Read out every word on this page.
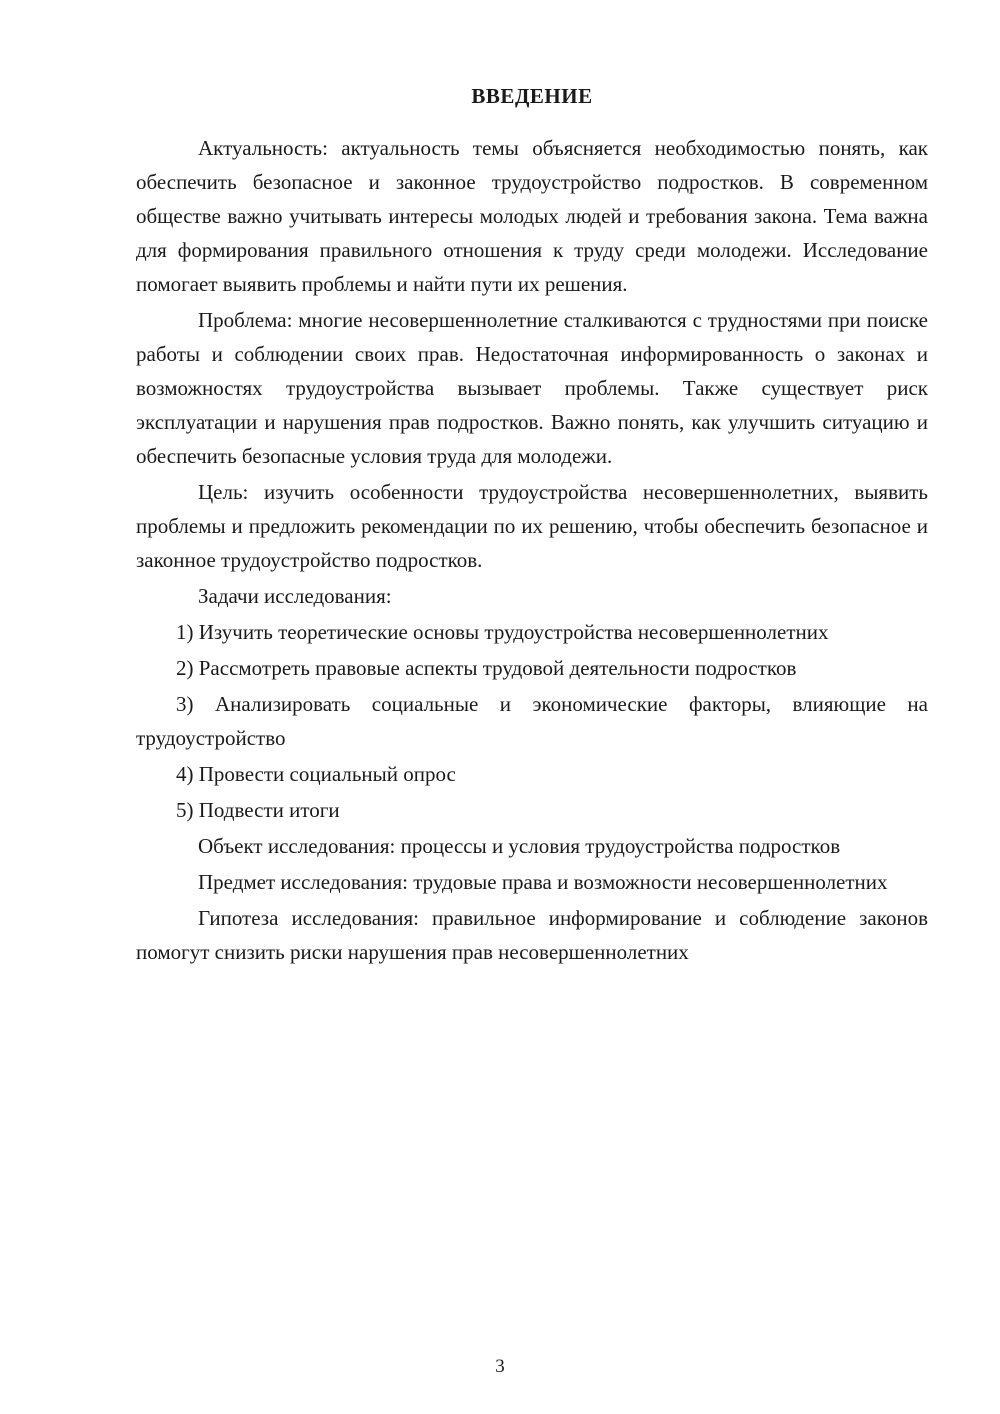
ВВЕДЕНИЕ

Актуальность: актуальность темы объясняется необходимостью понять, как обеспечить безопасное и законное трудоустройство подростков. В современном обществе важно учитывать интересы молодых людей и требования закона. Тема важна для формирования правильного отношения к труду среди молодежи. Исследование помогает выявить проблемы и найти пути их решения.

Проблема: многие несовершеннолетние сталкиваются с трудностями при поиске работы и соблюдении своих прав. Недостаточная информированность о законах и возможностях трудоустройства вызывает проблемы. Также существует риск эксплуатации и нарушения прав подростков. Важно понять, как улучшить ситуацию и обеспечить безопасные условия труда для молодежи.

Цель: изучить особенности трудоустройства несовершеннолетних, выявить проблемы и предложить рекомендации по их решению, чтобы обеспечить безопасное и законное трудоустройство подростков.

Задачи исследования:

1) Изучить теоретические основы трудоустройства несовершеннолетних

2) Рассмотреть правовые аспекты трудовой деятельности подростков

3) Анализировать социальные и экономические факторы, влияющие на трудоустройство

4) Провести социальный опрос

5) Подвести итоги

Объект исследования: процессы и условия трудоустройства подростков

Предмет исследования: трудовые права и возможности несовершеннолетних

Гипотеза исследования: правильное информирование и соблюдение законов помогут снизить риски нарушения прав несовершеннолетних

3
